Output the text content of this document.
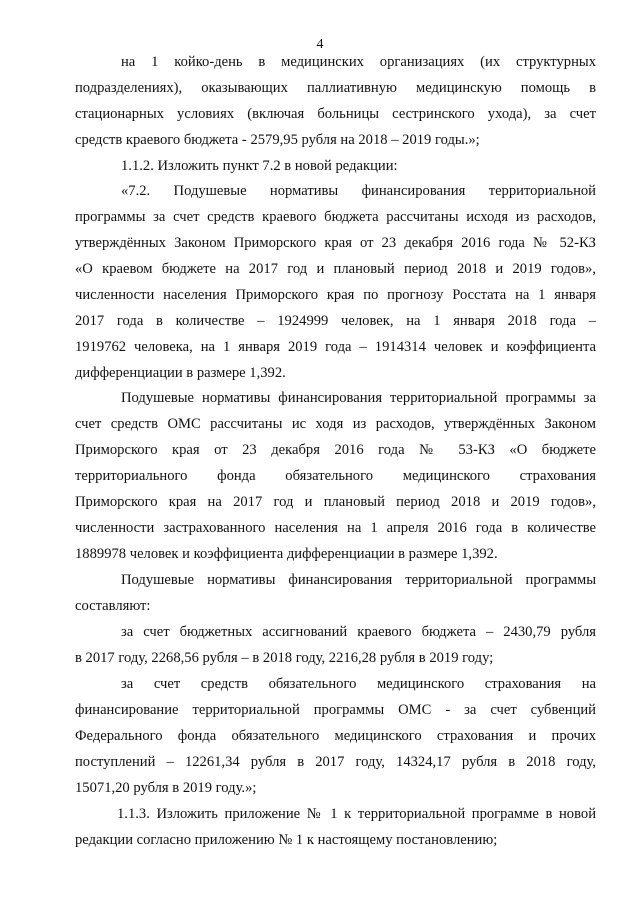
4
на 1 койко-день в медицинских организациях (их структурных
подразделениях), оказывающих паллиативную медицинскую помощь в
стационарных условиях (включая больницы сестринского ухода), за счет
средств краевого бюджета - 2579,95 рубля на 2018 – 2019 годы.»;
1.1.2. Изложить пункт 7.2 в новой редакции:
«7.2. Подушевые нормативы финансирования территориальной
программы за счет средств краевого бюджета рассчитаны исходя из расходов,
утверждённых Законом Приморского края от 23 декабря 2016 года № 52-КЗ
«О краевом бюджете на 2017 год и плановый период 2018 и 2019 годов»,
численности населения Приморского края по прогнозу Росстата на 1 января
2017 года в количестве – 1924999 человек, на 1 января 2018 года –
1919762 человека, на 1 января 2019 года – 1914314 человек и коэффициента
дифференциации в размере 1,392.
Подушевые нормативы финансирования территориальной программы за
счет средств ОМС рассчитаны ис ходя из расходов, утверждённых Законом
Приморского края от 23 декабря 2016 года № 53-КЗ «О бюджете
территориального фонда обязательного медицинского страхования
Приморского края на 2017 год и плановый период 2018 и 2019 годов»,
численности застрахованного населения на 1 апреля 2016 года в количестве
1889978 человек и коэффициента дифференциации в размере 1,392.
Подушевые нормативы финансирования территориальной программы
составляют:
за счет бюджетных ассигнований краевого бюджета – 2430,79 рубля
в 2017 году, 2268,56 рубля – в 2018 году, 2216,28 рубля в 2019 году;
за счет средств обязательного медицинского страхования на
финансирование территориальной программы ОМС - за счет субвенций
Федерального фонда обязательного медицинского страхования и прочих
поступлений – 12261,34 рубля в 2017 году, 14324,17 рубля в 2018 году,
15071,20 рубля в 2019 году.»;
1.1.3. Изложить приложение № 1 к территориальной программе в новой
редакции согласно приложению № 1 к настоящему постановлению;
